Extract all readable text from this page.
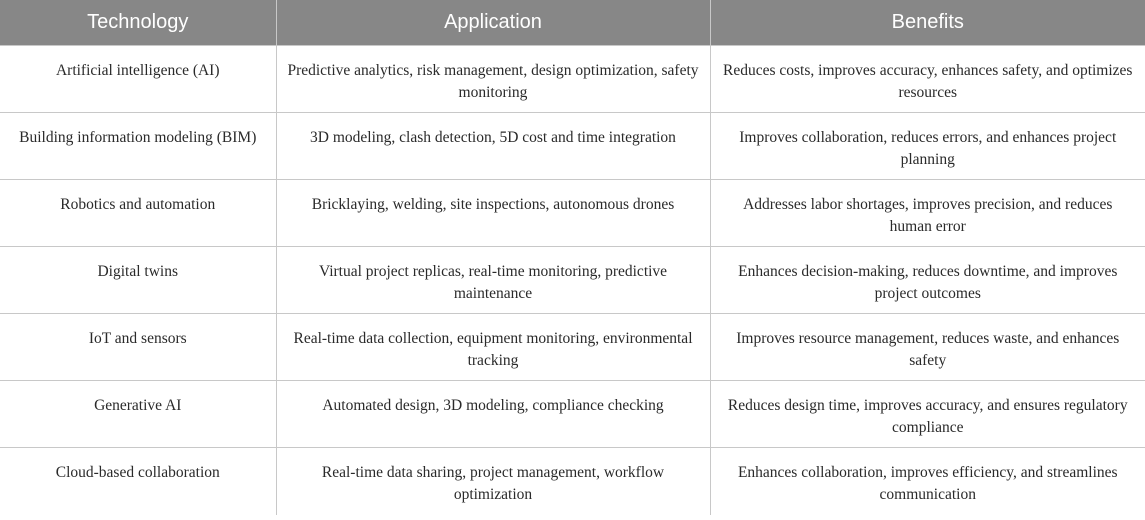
Technology	Application	Benefits
Artificial intelligence (AI)	Predictive analytics, risk management, design optimization, safety monitoring	Reduces costs, improves accuracy, enhances safety, and optimizes resources
Building information modeling (BIM)	3D modeling, clash detection, 5D cost and time integration	Improves collaboration, reduces errors, and enhances project planning
Robotics and automation	Bricklaying, welding, site inspections, autonomous drones	Addresses labor shortages, improves precision, and reduces human error
Digital twins	Virtual project replicas, real-time monitoring, predictive maintenance	Enhances decision-making, reduces downtime, and improves project outcomes
IoT and sensors	Real-time data collection, equipment monitoring, environmental tracking	Improves resource management, reduces waste, and enhances safety
Generative AI	Automated design, 3D modeling, compliance checking	Reduces design time, improves accuracy, and ensures regulatory compliance
Cloud-based collaboration	Real-time data sharing, project management, workflow optimization	Enhances collaboration, improves efficiency, and streamlines communication
